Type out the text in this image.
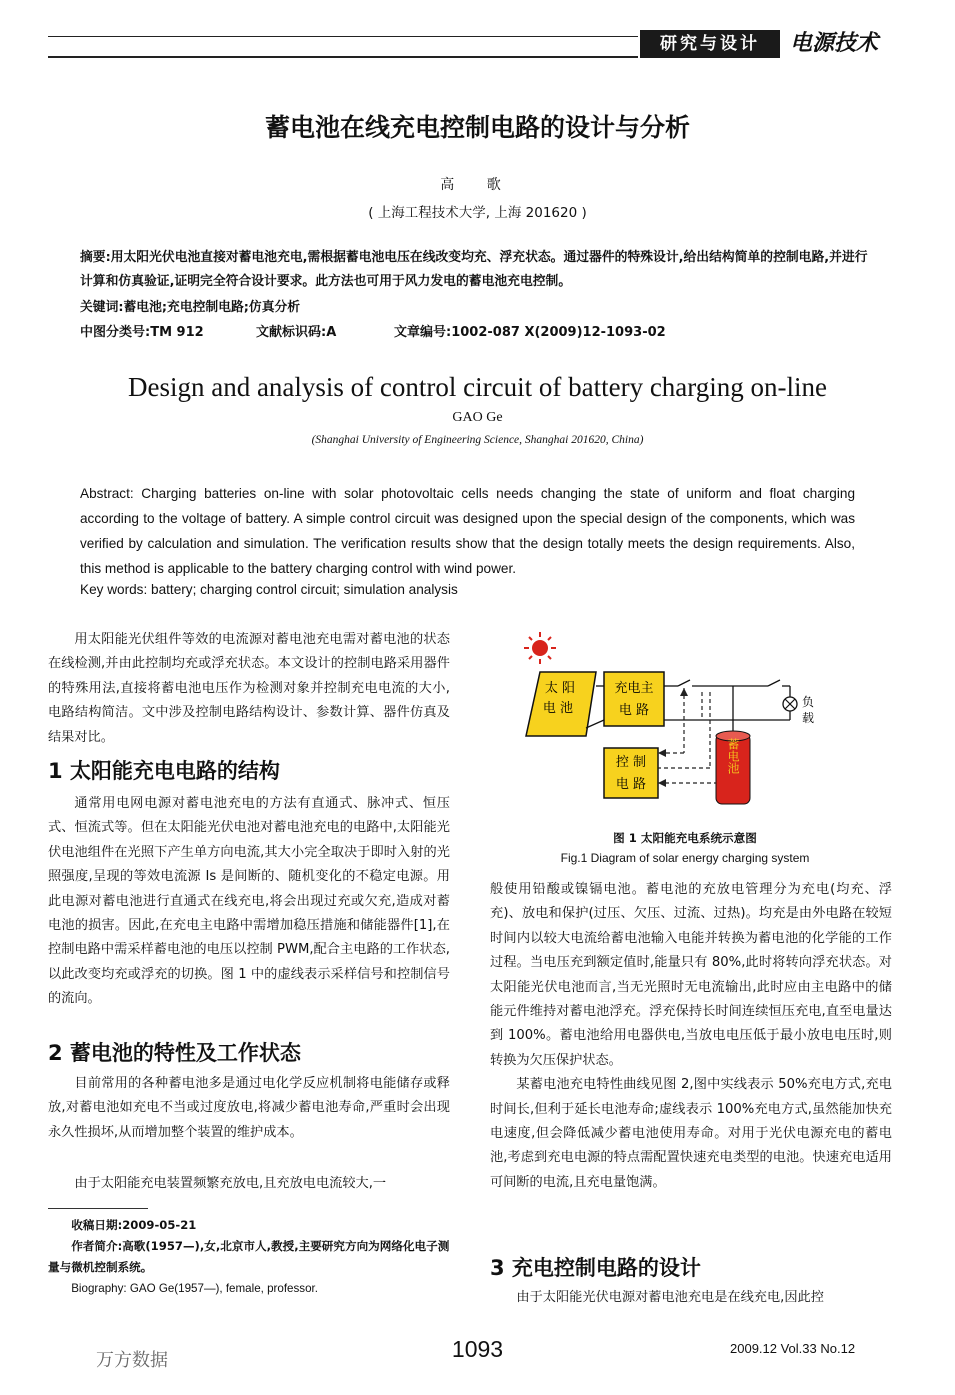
研究与设计	电源技术
蓄电池在线充电控制电路的设计与分析
高 歌
( 上海工程技术大学, 上海 201620 )
摘要:用太阳光伏电池直接对蓄电池充电,需根据蓄电池电压在线改变均充、浮充状态。通过器件的特殊设计,给出结构简单的控制电路,并进行计算和仿真验证,证明完全符合设计要求。此方法也可用于风力发电的蓄电池充电控制。
关键词:蓄电池;充电控制电路;仿真分析
中图分类号:TM 912	文献标识码:A	文章编号:1002-087 X(2009)12-1093-02
Design and analysis of control circuit of battery charging on-line
GAO Ge
(Shanghai University of Engineering Science, Shanghai 201620, China)
Abstract: Charging batteries on-line with solar photovoltaic cells needs changing the state of uniform and float charging according to the voltage of battery. A simple control circuit was designed upon the special design of the components, which was verified by calculation and simulation. The verification results show that the design totally meets the design requirements. Also, this method is applicable to the battery charging control with wind power.
Key words: battery; charging control circuit; simulation analysis

用太阳能光伏组件等效的电流源对蓄电池充电需对蓄电池的状态在线检测,并由此控制均充或浮充状态。本文设计的控制电路采用器件的特殊用法,直接将蓄电池电压作为检测对象并控制充电电流的大小,电路结构简洁。文中涉及控制电路结构设计、参数计算、器件仿真及结果对比。

1 太阳能充电电路的结构

通常用电网电源对蓄电池充电的方法有直通式、脉冲式、恒压式、恒流式等。但在太阳能光伏电池对蓄电池充电的电路中,太阳能光伏电池组件在光照下产生单方向电流,其大小完全取决于即时入射的光照强度,呈现的等效电流源 Is 是间断的、随机变化的不稳定电源。用此电源对蓄电池进行直通式在线充电,将会出现过充或欠充,造成对蓄电池的损害。因此,在充电主电路中需增加稳压措施和储能器件[1],在控制电路中需采样蓄电池的电压以控制 PWM,配合主电路的工作状态,以此改变均充或浮充的切换。图 1 中的虚线表示采样信号和控制信号的流向。

2 蓄电池的特性及工作状态

目前常用的各种蓄电池多是通过电化学反应机制将电能储存或释放,对蓄电池如充电不当或过度放电,将减少蓄电池寿命,严重时会出现永久性损坏,从而增加整个装置的维护成本。

由于太阳能充电装置频繁充放电,且充放电电流较大,一

收稿日期:2009-05-21
作者简介:高歌(1957—),女,北京市人,教授,主要研究方向为网络化电子测量与微机控制系统。
Biography: GAO Ge(1957—), female, professor.
太 阳
电 池
充电主
电 路
控 制
电 路
蓄电池
负
载
图 1 太阳能充电系统示意图
Fig.1 Diagram of solar energy charging system

般使用铅酸或镍镉电池。蓄电池的充放电管理分为充电(均充、浮充)、放电和保护(过压、欠压、过流、过热)。均充是由外电路在较短时间内以较大电流给蓄电池输入电能并转换为蓄电池的化学能的工作过程。当电压充到额定值时,能量只有 80%,此时将转向浮充状态。对太阳能光伏电池而言,当无光照时无电流输出,此时应由主电路中的储能元件维持对蓄电池浮充。浮充保持长时间连续恒压充电,直至电量达到 100%。蓄电池给用电器供电,当放电电压低于最小放电电压时,则转换为欠压保护状态。

某蓄电池充电特性曲线见图 2,图中实线表示 50%充电方式,充电时间长,但利于延长电池寿命;虚线表示 100%充电方式,虽然能加快充电速度,但会降低减少蓄电池使用寿命。对用于光伏电源充电的蓄电池,考虑到充电电源的特点需配置快速充电类型的电池。快速充电适用可间断的电流,且充电量饱满。

3 充电控制电路的设计

由于太阳能光伏电源对蓄电池充电是在线充电,因此控

万方数据	1093	2009.12 Vol.33 No.12
